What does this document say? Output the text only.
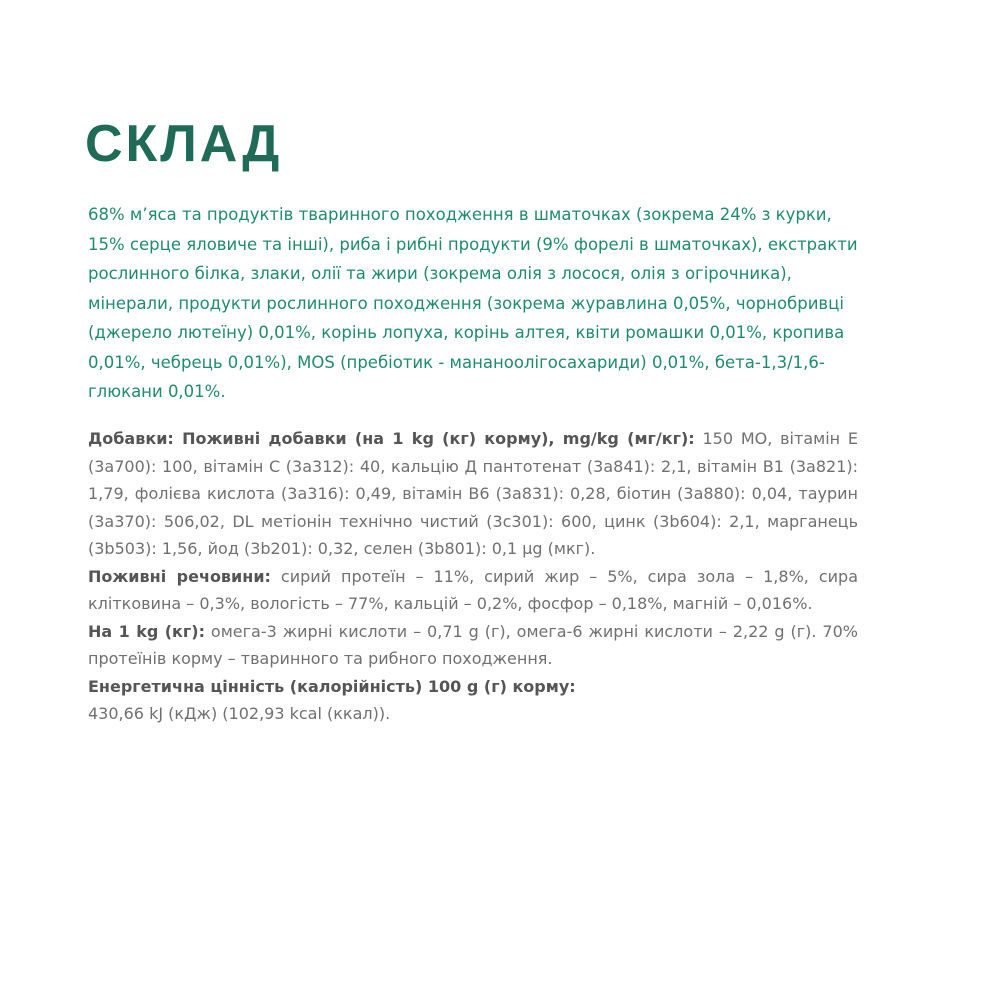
СКЛАД

68% м’яса та продуктів тваринного походження в шматочках (зокрема 24% з курки, 15% серце яловиче та інші), риба і рибні продукти (9% форелі в шматочках), екстракти рослинного білка, злаки, олії та жири (зокрема олія з лосося, олія з огірочника), мінерали, продукти рослинного походження (зокрема журавлина 0,05%, чорнобривці (джерело лютеїну) 0,01%, корінь лопуха, корінь алтея, квіти ромашки 0,01%, кропива 0,01%, чебрець 0,01%), MOS (пребіотик - мананоолігосахариди) 0,01%, бета-1,3/1,6-глюкани 0,01%.

Добавки: Поживні добавки (на 1 kg (кг) корму), mg/kg (мг/кг): 150 МО, вітамін Е (3а700): 100, вітамін С (3а312): 40, кальцію Д пантотенат (3а841): 2,1, вітамін В1 (3а821): 1,79, фолієва кислота (3а316): 0,49, вітамін В6 (3а831): 0,28, біотин (3а880): 0,04, таурин (3а370): 506,02, DL метіонін технічно чистий (3с301): 600, цинк (3b604): 2,1, марганець (3b503): 1,56, йод (3b201): 0,32, селен (3b801): 0,1 μg (мкг).

Поживні речовини: сирий протеїн – 11%, сирий жир – 5%, сира зола – 1,8%, сира клітковина – 0,3%, вологість – 77%, кальцій – 0,2%, фосфор – 0,18%, магній – 0,016%.

На 1 kg (кг): омега-3 жирні кислоти – 0,71 g (г), омега-6 жирні кислоти – 2,22 g (г). 70% протеїнів корму – тваринного та рибного походження.

Енергетична цінність (калорійність) 100 g (г) корму:

430,66 kJ (кДж) (102,93 kcal (ккал)).
